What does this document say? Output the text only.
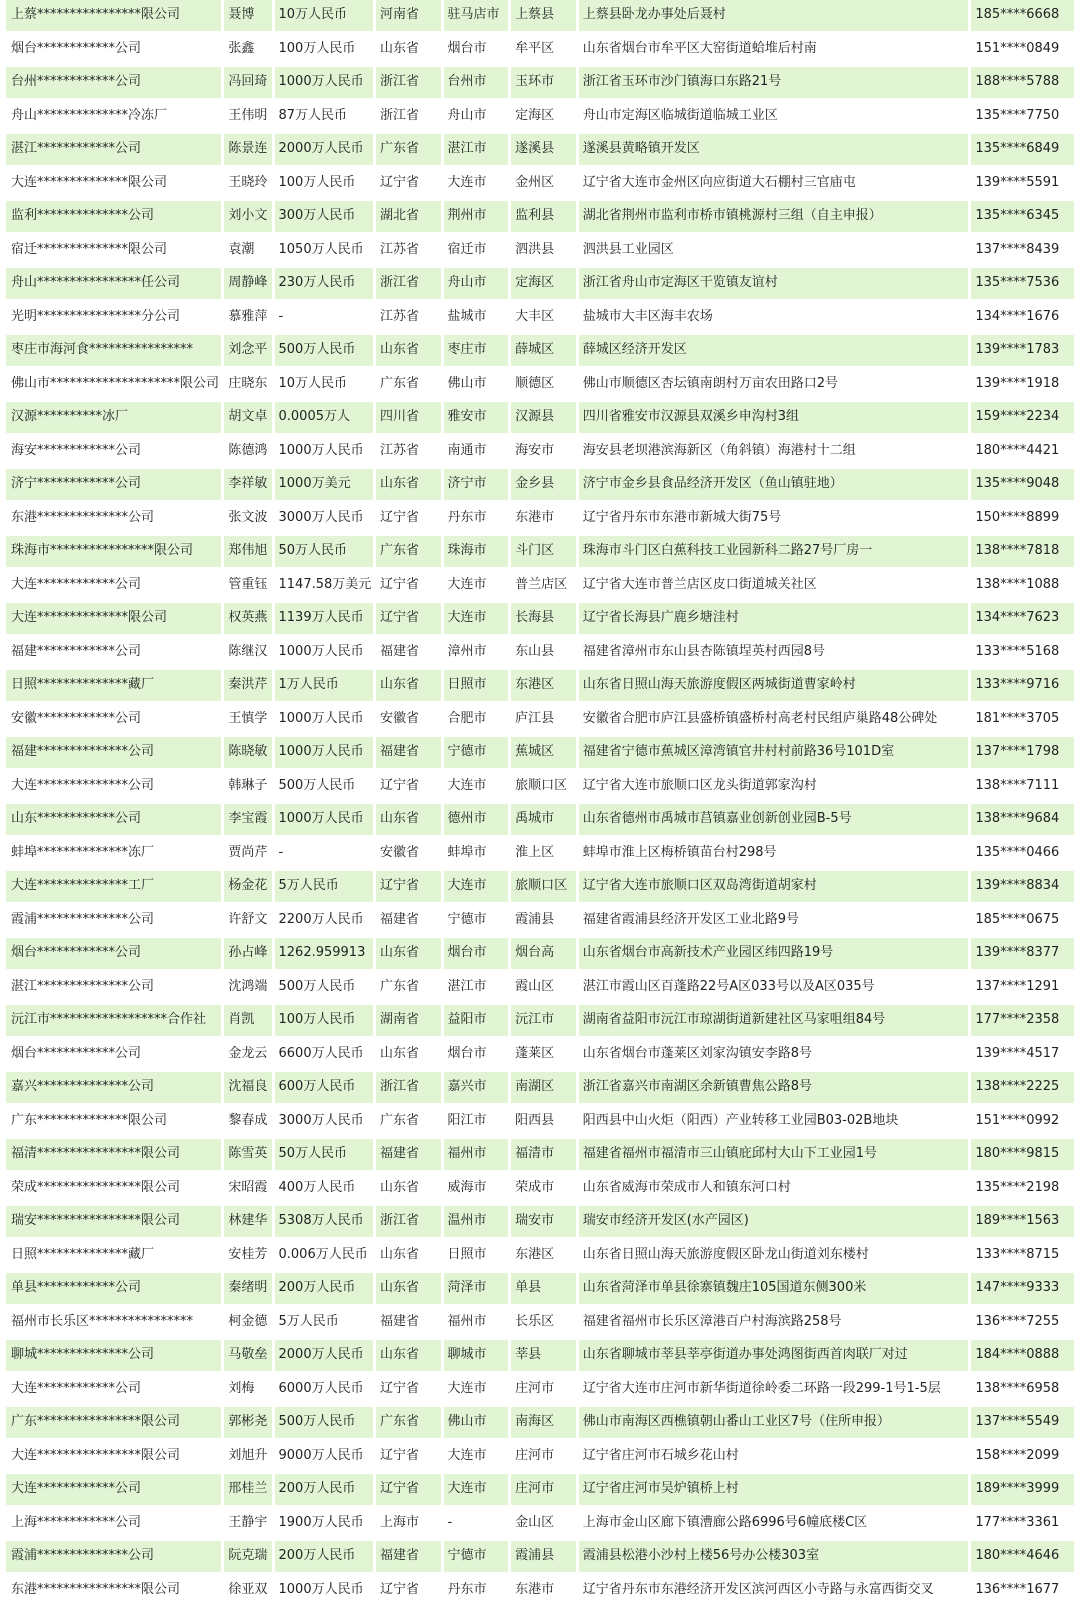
上蔡****************限公司	聂博	10万人民币	河南省	驻马店市	上蔡县	上蔡县卧龙办事处后聂村	185****6668
烟台************公司	张鑫	100万人民币	山东省	烟台市	牟平区	山东省烟台市牟平区大窑街道蛤堆后村南	151****0849
台州************公司	冯回琦	1000万人民币	浙江省	台州市	玉环市	浙江省玉环市沙门镇海口东路21号	188****5788
舟山**************冷冻厂	王伟明	87万人民币	浙江省	舟山市	定海区	舟山市定海区临城街道临城工业区	135****7750
湛江************公司	陈景连	2000万人民币	广东省	湛江市	遂溪县	遂溪县黄略镇开发区	135****6849
大连**************限公司	王晓玲	100万人民币	辽宁省	大连市	金州区	辽宁省大连市金州区向应街道大石棚村三官庙屯	139****5591
监利**************公司	刘小文	300万人民币	湖北省	荆州市	监利县	湖北省荆州市监利市桥市镇桃源村三组（自主申报）	135****6345
宿迁**************限公司	袁潮	1050万人民币	江苏省	宿迁市	泗洪县	泗洪县工业园区	137****8439
舟山****************任公司	周静峰	230万人民币	浙江省	舟山市	定海区	浙江省舟山市定海区干览镇友谊村	135****7536
光明****************分公司	慕雅萍	-	江苏省	盐城市	大丰区	盐城市大丰区海丰农场	134****1676
枣庄市海河食****************	刘念平	500万人民币	山东省	枣庄市	薛城区	薛城区经济开发区	139****1783
佛山市********************限公司	庄晓东	10万人民币	广东省	佛山市	顺德区	佛山市顺德区杏坛镇南朗村万亩农田路口2号	139****1918
汉源**********冰厂	胡文卓	0.0005万人	四川省	雅安市	汉源县	四川省雅安市汉源县双溪乡申沟村3组	159****2234
海安************公司	陈德鸿	1000万人民币	江苏省	南通市	海安市	海安县老坝港滨海新区（角斜镇）海港村十二组	180****4421
济宁************公司	李祥敏	1000万美元	山东省	济宁市	金乡县	济宁市金乡县食品经济开发区（鱼山镇驻地）	135****9048
东港**************公司	张文波	3000万人民币	辽宁省	丹东市	东港市	辽宁省丹东市东港市新城大街75号	150****8899
珠海市****************限公司	郑伟旭	50万人民币	广东省	珠海市	斗门区	珠海市斗门区白蕉科技工业园新科二路27号厂房一	138****7818
大连************公司	管重钰	1147.58万美元	辽宁省	大连市	普兰店区	辽宁省大连市普兰店区皮口街道城关社区	138****1088
大连**************限公司	权英燕	1139万人民币	辽宁省	大连市	长海县	辽宁省长海县广鹿乡塘洼村	134****7623
福建************公司	陈继汉	1000万人民币	福建省	漳州市	东山县	福建省漳州市东山县杏陈镇埕英村西园8号	133****5168
日照**************藏厂	秦洪芹	1万人民币	山东省	日照市	东港区	山东省日照山海天旅游度假区两城街道曹家岭村	133****9716
安徽************公司	王慎学	1000万人民币	安徽省	合肥市	庐江县	安徽省合肥市庐江县盛桥镇盛桥村高老村民组庐巢路48公碑处	181****3705
福建**************公司	陈晓敏	1000万人民币	福建省	宁德市	蕉城区	福建省宁德市蕉城区漳湾镇官井村村前路36号101D室	137****1798
大连**************公司	韩琳子	500万人民币	辽宁省	大连市	旅顺口区	辽宁省大连市旅顺口区龙头街道郭家沟村	138****7111
山东************公司	李宝霞	1000万人民币	山东省	德州市	禹城市	山东省德州市禹城市莒镇嘉业创新创业园B-5号	138****9684
蚌埠**************冻厂	贾尚芹	-	安徽省	蚌埠市	淮上区	蚌埠市淮上区梅桥镇苗台村298号	135****0466
大连**************工厂	杨金花	5万人民币	辽宁省	大连市	旅顺口区	辽宁省大连市旅顺口区双岛湾街道胡家村	139****8834
霞浦**************公司	许舒文	2200万人民币	福建省	宁德市	霞浦县	福建省霞浦县经济开发区工业北路9号	185****0675
烟台************公司	孙占峰	1262.959913	山东省	烟台市	烟台高	山东省烟台市高新技术产业园区纬四路19号	139****8377
湛江**************公司	沈鸿端	500万人民币	广东省	湛江市	霞山区	湛江市霞山区百蓬路22号A区033号以及A区035号	137****1291
沅江市******************合作社	肖凯	100万人民币	湖南省	益阳市	沅江市	湖南省益阳市沅江市琼湖街道新建社区马家咀组84号	177****2358
烟台************公司	金龙云	6600万人民币	山东省	烟台市	蓬莱区	山东省烟台市蓬莱区刘家沟镇安李路8号	139****4517
嘉兴**************公司	沈福良	600万人民币	浙江省	嘉兴市	南湖区	浙江省嘉兴市南湖区余新镇曹焦公路8号	138****2225
广东**************限公司	黎春成	3000万人民币	广东省	阳江市	阳西县	阳西县中山火炬（阳西）产业转移工业园B03-02B地块	151****0992
福清****************限公司	陈雪英	50万人民币	福建省	福州市	福清市	福建省福州市福清市三山镇庇邱村大山下工业园1号	180****9815
荣成****************限公司	宋昭霞	400万人民币	山东省	威海市	荣成市	山东省威海市荣成市人和镇东河口村	135****2198
瑞安****************限公司	林建华	5308万人民币	浙江省	温州市	瑞安市	瑞安市经济开发区(水产园区)	189****1563
日照**************藏厂	安桂芳	0.006万人民币	山东省	日照市	东港区	山东省日照山海天旅游度假区卧龙山街道刘东楼村	133****8715
单县************公司	秦绪明	200万人民币	山东省	菏泽市	单县	山东省菏泽市单县徐寨镇魏庄105国道东侧300米	147****9333
福州市长乐区****************	柯金德	5万人民币	福建省	福州市	长乐区	福建省福州市长乐区漳港百户村海滨路258号	136****7255
聊城**************公司	马敬垒	2000万人民币	山东省	聊城市	莘县	山东省聊城市莘县莘亭街道办事处鸿图街西首肉联厂对过	184****0888
大连************公司	刘梅	6000万人民币	辽宁省	大连市	庄河市	辽宁省大连市庄河市新华街道徐岭委二环路一段299-1号1-5层	138****6958
广东****************限公司	郭彬尧	500万人民币	广东省	佛山市	南海区	佛山市南海区西樵镇朝山番山工业区7号（住所申报）	137****5549
大连****************限公司	刘旭升	9000万人民币	辽宁省	大连市	庄河市	辽宁省庄河市石城乡花山村	158****2099
大连************公司	邢桂兰	200万人民币	辽宁省	大连市	庄河市	辽宁省庄河市吴炉镇桥上村	189****3999
上海************公司	王静宇	1900万人民币	上海市	-	金山区	上海市金山区廊下镇漕廊公路6996号6幢底楼C区	177****3361
霞浦**************公司	阮克瑞	200万人民币	福建省	宁德市	霞浦县	霞浦县松港小沙村上楼56号办公楼303室	180****4646
东港****************限公司	徐亚双	1000万人民币	辽宁省	丹东市	东港市	辽宁省丹东市东港经济开发区滨河西区小寺路与永富西街交叉	136****1677
